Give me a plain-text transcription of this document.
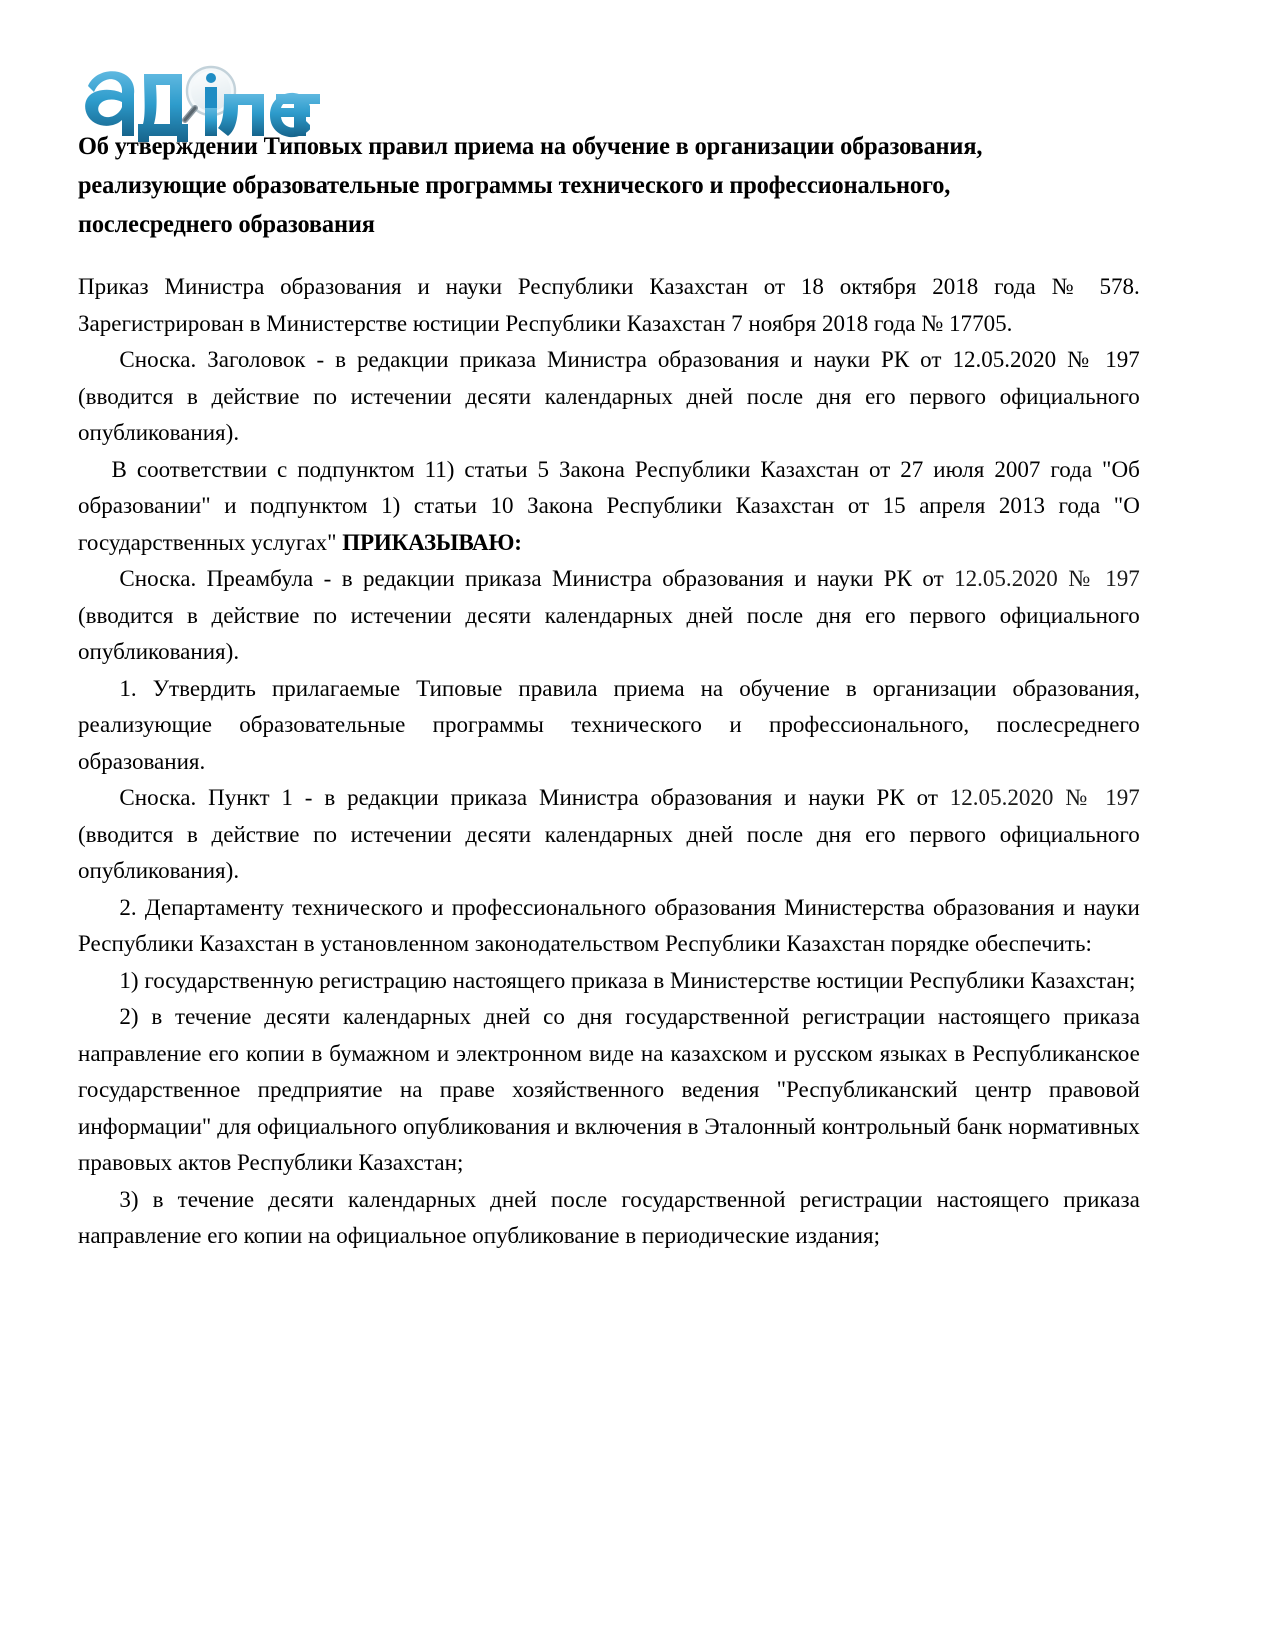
Об утверждении Типовых правил приема на обучение в организации образования, реализующие образовательные программы технического и профессионального, послесреднего образования

Приказ Министра образования и науки Республики Казахстан от 18 октября 2018 года № 578. Зарегистрирован в Министерстве юстиции Республики Казахстан 7 ноября 2018 года № 17705.

Сноска. Заголовок - в редакции приказа Министра образования и науки РК от 12.05.2020 № 197 (вводится в действие по истечении десяти календарных дней после дня его первого официального опубликования).

В соответствии с подпунктом 11) статьи 5 Закона Республики Казахстан от 27 июля 2007 года "Об образовании" и подпунктом 1) статьи 10 Закона Республики Казахстан от 15 апреля 2013 года "О государственных услугах" ПРИКАЗЫВАЮ:

Сноска. Преамбула - в редакции приказа Министра образования и науки РК от 12.05.2020 № 197 (вводится в действие по истечении десяти календарных дней после дня его первого официального опубликования).

1. Утвердить прилагаемые Типовые правила приема на обучение в организации образования, реализующие образовательные программы технического и профессионального, послесреднего образования.

Сноска. Пункт 1 - в редакции приказа Министра образования и науки РК от 12.05.2020 № 197 (вводится в действие по истечении десяти календарных дней после дня его первого официального опубликования).

2. Департаменту технического и профессионального образования Министерства образования и науки Республики Казахстан в установленном законодательством Республики Казахстан порядке обеспечить:

1) государственную регистрацию настоящего приказа в Министерстве юстиции Республики Казахстан;

2) в течение десяти календарных дней со дня государственной регистрации настоящего приказа направление его копии в бумажном и электронном виде на казахском и русском языках в Республиканское государственное предприятие на праве хозяйственного ведения "Республиканский центр правовой информации" для официального опубликования и включения в Эталонный контрольный банк нормативных правовых актов Республики Казахстан;

3) в течение десяти календарных дней после государственной регистрации настоящего приказа направление его копии на официальное опубликование в периодические издания;
